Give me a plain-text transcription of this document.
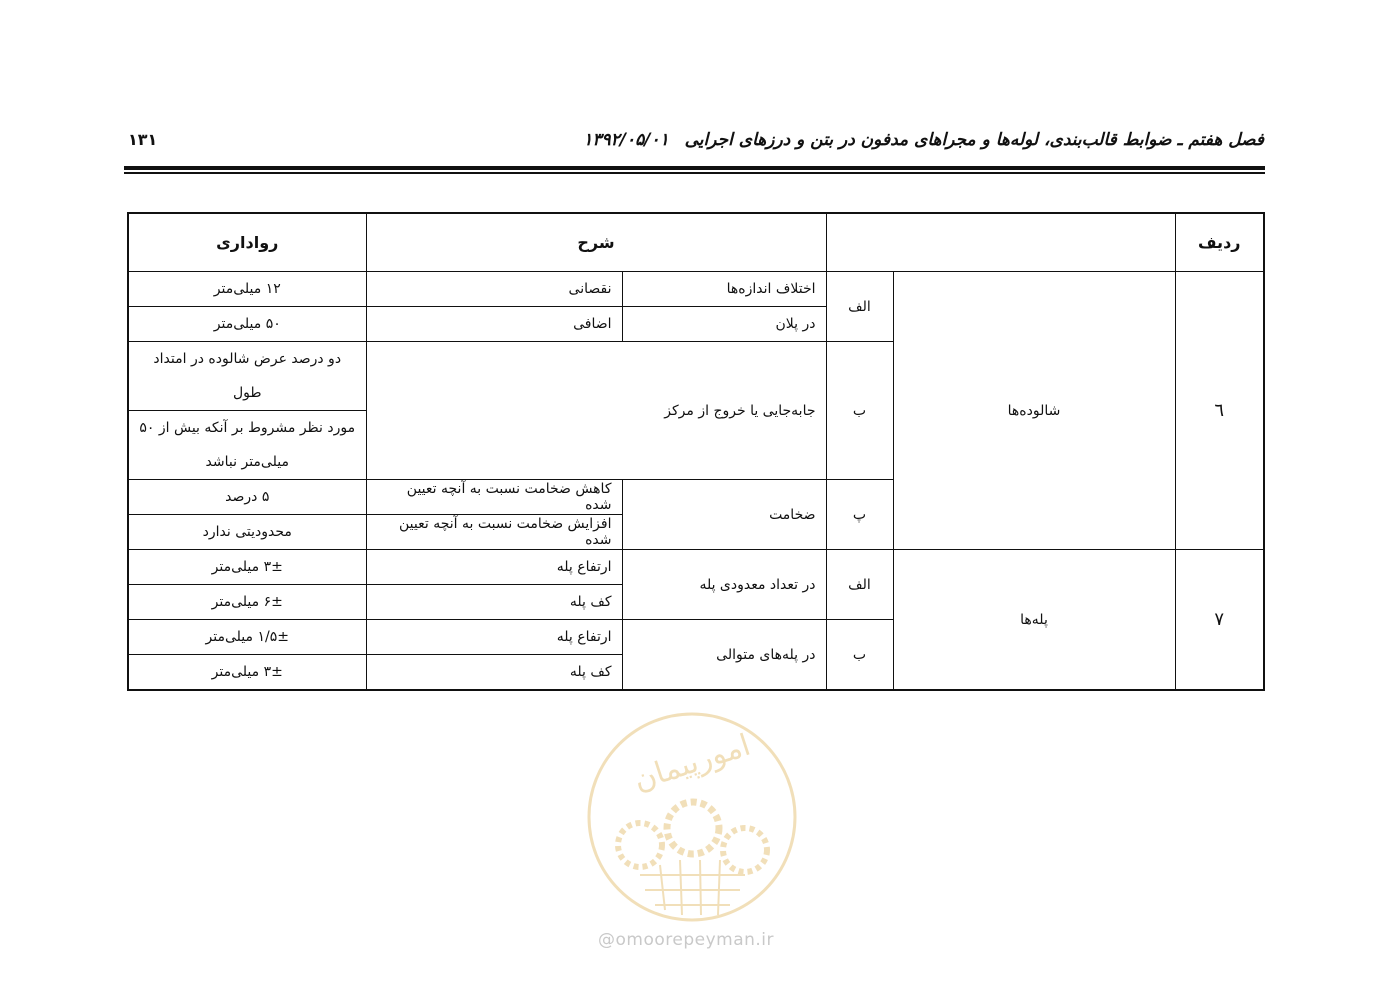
فصل هفتم ـ ضوابط قالب‌بندی، لوله‌ها و مجراهای مدفون در بتن و درزهای اجرایی ۱۳۹۲/۰۵/۰۱
۱۳۱
ردیف			شرح		رواداری
٦	شالوده‌ها	الف	اختلاف اندازه‌ها	نقصانی	۱۲ میلی‌متر
			در پلان	اضافی	۵۰ میلی‌متر
		ب	جابه‌جایی یا خروج از مرکز		دو درصد عرض شالوده در امتداد طول
					مورد نظر مشروط بر آنکه بیش از ۵۰
					میلی‌متر نباشد
		پ	ضخامت	کاهش ضخامت نسبت به آنچه تعیین شده	۵ درصد
				افزایش ضخامت نسبت به آنچه تعیین شده	محدودیتی ندارد
۷	پله‌ها	الف	در تعداد معدودی پله	ارتفاع پله	۳± میلی‌متر
				کف پله	۶± میلی‌متر
		ب	در پله‌های متوالی	ارتفاع پله	۱/۵± میلی‌متر
				کف پله	۳± میلی‌متر
امورپیمان
@omoorepeyman.ir
